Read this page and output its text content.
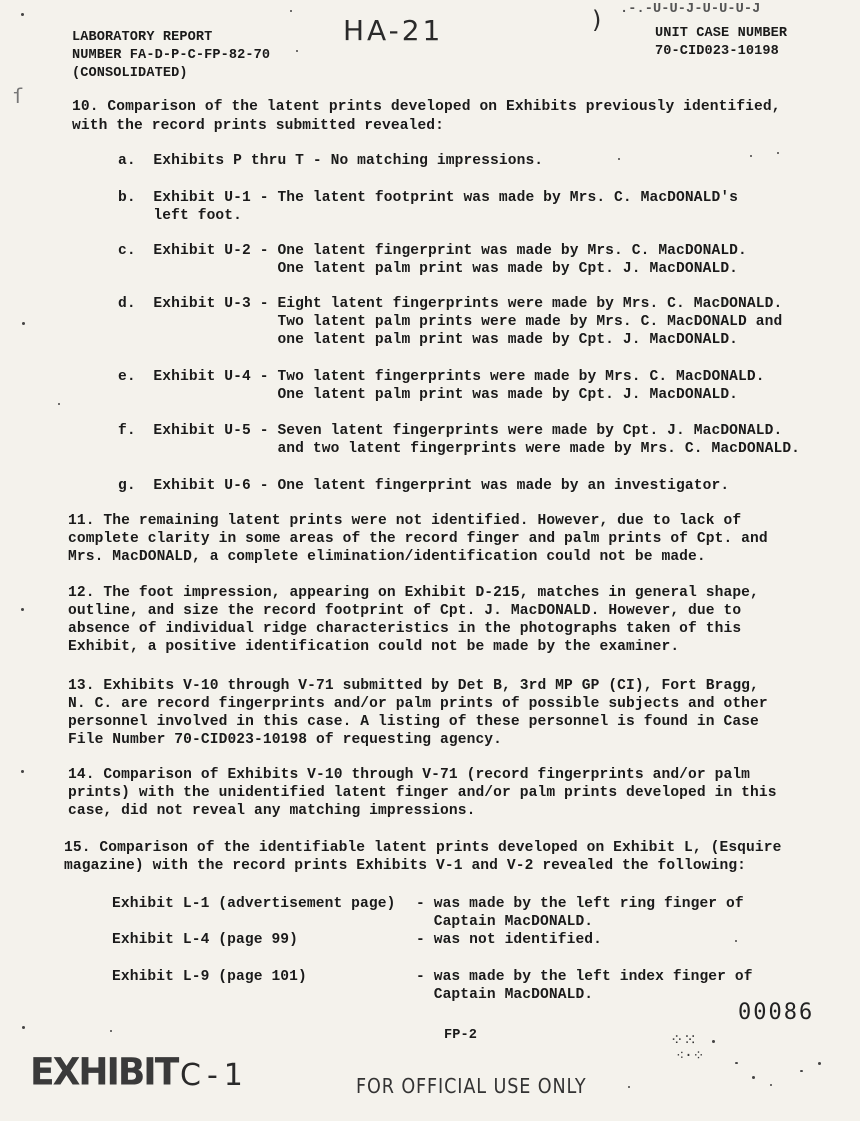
LABORATORY REPORT
NUMBER FA-D-P-C-FP-82-70
(CONSOLIDATED)
HA-21
.-.-U-U-J-U-U-U-J
)	UNIT CASE NUMBER
70-CID023-10198
10. Comparison of the latent prints developed on Exhibits previously identified,
with the record prints submitted revealed:
a.  Exhibits P thru T - No matching impressions.
b.  Exhibit U-1 - The latent footprint was made by Mrs. C. MacDONALD's
left foot.
c.  Exhibit U-2 - One latent fingerprint was made by Mrs. C. MacDONALD.
One latent palm print was made by Cpt. J. MacDONALD.
d.  Exhibit U-3 - Eight latent fingerprints were made by Mrs. C. MacDONALD.
Two latent palm prints were made by Mrs. C. MacDONALD and
one latent palm print was made by Cpt. J. MacDONALD.
e.  Exhibit U-4 - Two latent fingerprints were made by Mrs. C. MacDONALD.
One latent palm print was made by Cpt. J. MacDONALD.
f.  Exhibit U-5 - Seven latent fingerprints were made by Cpt. J. MacDONALD.
and two latent fingerprints were made by Mrs. C. MacDONALD.
g.  Exhibit U-6 - One latent fingerprint was made by an investigator.
11. The remaining latent prints were not identified. However, due to lack of
complete clarity in some areas of the record finger and palm prints of Cpt. and
Mrs. MacDONALD, a complete elimination/identification could not be made.
12. The foot impression, appearing on Exhibit D-215, matches in general shape,
outline, and size the record footprint of Cpt. J. MacDONALD. However, due to
absence of individual ridge characteristics in the photographs taken of this
Exhibit, a positive identification could not be made by the examiner.
13. Exhibits V-10 through V-71 submitted by Det B, 3rd MP GP (CI), Fort Bragg,
N. C. are record fingerprints and/or palm prints of possible subjects and other
personnel involved in this case. A listing of these personnel is found in Case
File Number 70-CID023-10198 of requesting agency.
14. Comparison of Exhibits V-10 through V-71 (record fingerprints and/or palm
prints) with the unidentified latent finger and/or palm prints developed in this
case, did not reveal any matching impressions.
15. Comparison of the identifiable latent prints developed on Exhibit L, (Esquire
magazine) with the record prints Exhibits V-1 and V-2 revealed the following:
Exhibit L-1 (advertisement page) - was made by the left ring finger of
Captain MacDONALD.
Exhibit L-4 (page 99)	- was not identified.
Exhibit L-9 (page 101)	- was made by the left index finger of
Captain MacDONALD.
00086
FP-2
EXHIBIT C-1	FOR OFFICIAL USE ONLY
⁘⁙
⁖·⁘
ſ
